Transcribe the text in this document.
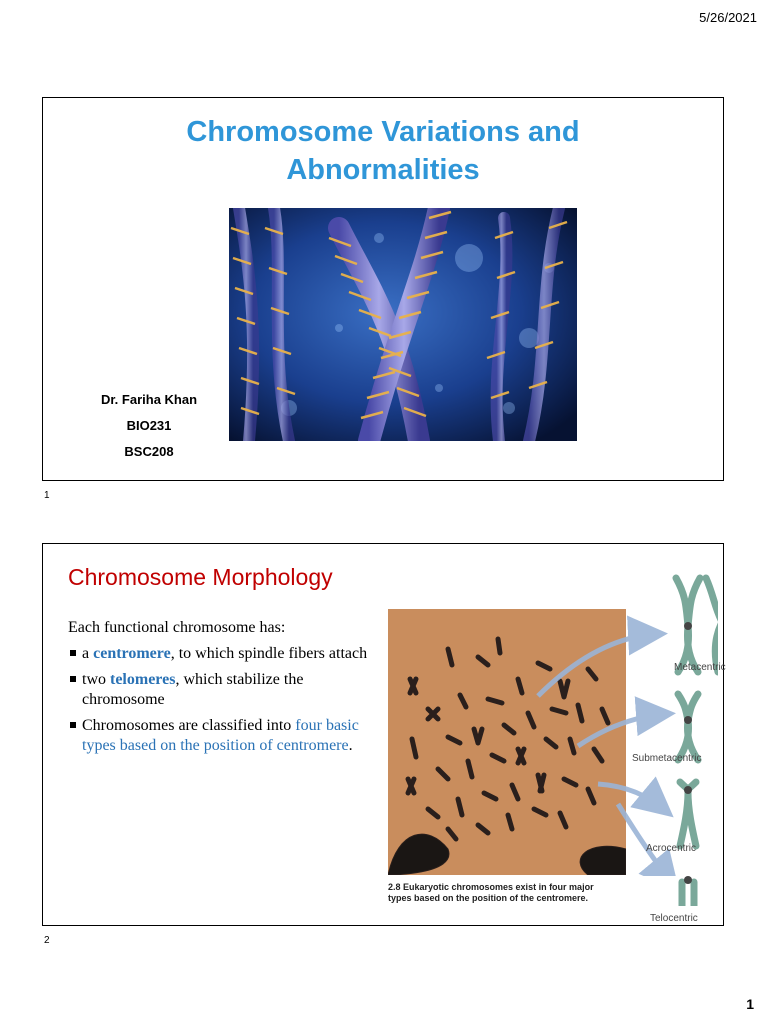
5/26/2021
Chromosome Variations and
Abnormalities
Dr. Fariha Khan
BIO231
BSC208
1
Chromosome Morphology
Each functional chromosome has:
a centromere, to which spindle fibers attach
two telomeres, which stabilize the chromosome
Chromosomes are classified into four basic types based on the position of centromere.
Metacentric
Submetacentric
Acrocentric
Telocentric
2.8 Eukaryotic chromosomes exist in four major
types based on the position of the centromere.
2
1
